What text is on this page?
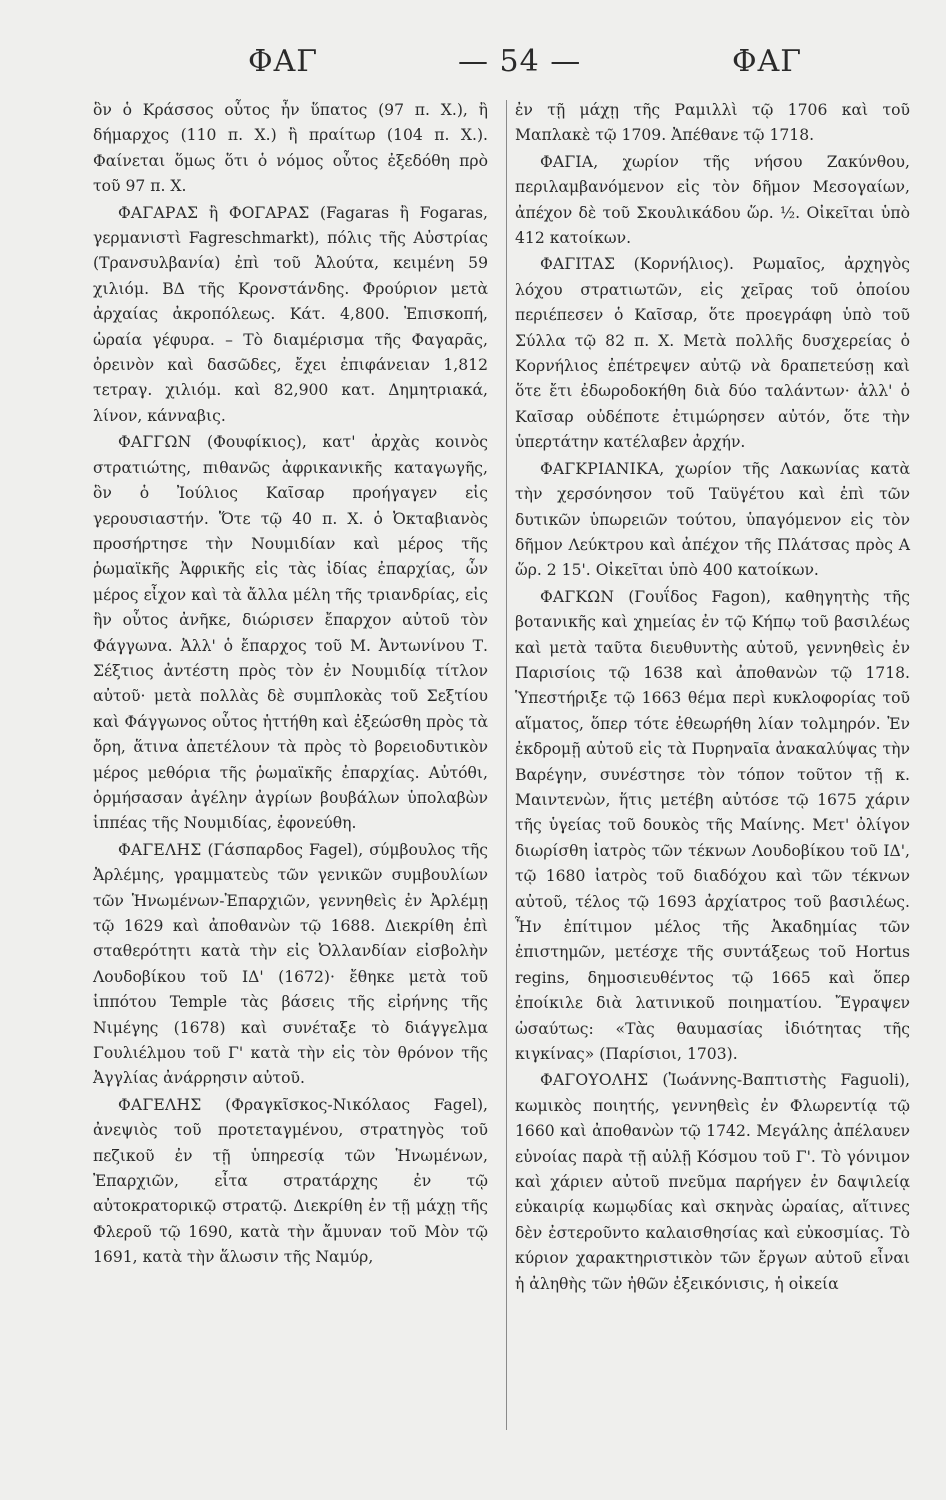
ΦΑΓ	— 54 —	ΦΑΓ

ὃν ὁ Κράσσος οὗτος ἦν ὕπατος (97 π. Χ.), ἢ δήμαρχος (110 π. Χ.) ἢ πραίτωρ (104 π. Χ.). Φαίνεται ὅμως ὅτι ὁ νόμος οὗτος ἐξεδόθη πρὸ τοῦ 97 π. Χ.

ΦΑΓΑΡΑΣ ἢ ΦΟΓΑΡΑΣ (Fagaras ἢ Fogaras, γερμανιστὶ Fagreschmarkt), πόλις τῆς Αὐστρίας (Τρανσυλβανία) ἐπὶ τοῦ Ἀλούτα, κειμένη 59 χιλιόμ. ΒΔ τῆς Κρονστάνδης. Φρούριον μετὰ ἀρχαίας ἀκροπόλεως. Κάτ. 4,800. Ἐπισκοπή, ὡραία γέφυρα. – Τὸ διαμέρισμα τῆς Φαγαρᾶς, ὀρεινὸν καὶ δασῶδες, ἔχει ἐπιφάνειαν 1,812 τετραγ. χιλιόμ. καὶ 82,900 κατ. Δημητριακά, λίνον, κάνναβις.

ΦΑΓΓΩΝ (Φουφίκιος), κατ' ἀρχὰς κοινὸς στρατιώτης, πιθανῶς ἀφρικανικῆς καταγωγῆς, ὃν ὁ Ἰούλιος Καῖσαρ προήγαγεν εἰς γερουσιαστήν. Ὅτε τῷ 40 π. Χ. ὁ Ὀκταβιανὸς προσήρτησε τὴν Νουμιδίαν καὶ μέρος τῆς ῥωμαϊκῆς Ἀφρικῆς εἰς τὰς ἰδίας ἐπαρχίας, ὧν μέρος εἶχον καὶ τὰ ἄλλα μέλη τῆς τριανδρίας, εἰς ἣν οὗτος ἀνῆκε, διώρισεν ἔπαρχον αὐτοῦ τὸν Φάγγωνα. Ἀλλ' ὁ ἔπαρχος τοῦ Μ. Ἀντωνίνου Τ. Σέξτιος ἀντέστη πρὸς τὸν ἐν Νουμιδίᾳ τίτλον αὐτοῦ· μετὰ πολλὰς δὲ συμπλοκὰς τοῦ Σεξτίου καὶ Φάγγωνος οὗτος ἡττήθη καὶ ἐξεώσθη πρὸς τὰ ὄρη, ἅτινα ἀπετέλουν τὰ πρὸς τὸ βορειοδυτικὸν μέρος μεθόρια τῆς ῥωμαϊκῆς ἐπαρχίας. Αὐτόθι, ὁρμήσασαν ἀγέλην ἀγρίων βουβάλων ὑπολαβὼν ἱππέας τῆς Νουμιδίας, ἐφονεύθη.

ΦΑΓΕΛΗΣ (Γάσπαρδος Fagel), σύμβουλος τῆς Ἀρλέμης, γραμματεὺς τῶν γενικῶν συμβουλίων τῶν Ἡνωμένων-Ἐπαρχιῶν, γεννηθεὶς ἐν Ἀρλέμῃ τῷ 1629 καὶ ἀποθανὼν τῷ 1688. Διεκρίθη ἐπὶ σταθερότητι κατὰ τὴν εἰς Ὀλλανδίαν εἰσβολὴν Λουδοβίκου τοῦ ΙΔ' (1672)· ἔθηκε μετὰ τοῦ ἱππότου Temple τὰς βάσεις τῆς εἰρήνης τῆς Νιμέγης (1678) καὶ συνέταξε τὸ διάγγελμα Γουλιέλμου τοῦ Γ' κατὰ τὴν εἰς τὸν θρόνον τῆς Ἀγγλίας ἀνάρρησιν αὐτοῦ.

ΦΑΓΕΛΗΣ (Φραγκῖσκος-Νικόλαος Fagel), ἀνεψιὸς τοῦ προτεταγμένου, στρατηγὸς τοῦ πεζικοῦ ἐν τῇ ὑπηρεσίᾳ τῶν Ἡνωμένων, Ἐπαρχιῶν, εἶτα στρατάρχης ἐν τῷ αὐτοκρατορικῷ στρατῷ. Διεκρίθη ἐν τῇ μάχῃ τῆς Φλεροῦ τῷ 1690, κατὰ τὴν ἄμυναν τοῦ Μὸν τῷ 1691, κατὰ τὴν ἅλωσιν τῆς Ναμύρ,

ἐν τῇ μάχῃ τῆς Ραμιλλὶ τῷ 1706 καὶ τοῦ Μαπλακὲ τῷ 1709. Ἀπέθανε τῷ 1718.

ΦΑΓΙΑ, χωρίον τῆς νήσου Ζακύνθου, περιλαμβανόμενον εἰς τὸν δῆμον Μεσογαίων, ἀπέχον δὲ τοῦ Σκουλικάδου ὥρ. ½. Οἰκεῖται ὑπὸ 412 κατοίκων.

ΦΑΓΙΤΑΣ (Κορνήλιος). Ρωμαῖος, ἀρχηγὸς λόχου στρατιωτῶν, εἰς χεῖρας τοῦ ὁποίου περιέπεσεν ὁ Καῖσαρ, ὅτε προεγράφη ὑπὸ τοῦ Σύλλα τῷ 82 π. Χ. Μετὰ πολλῆς δυσχερείας ὁ Κορνήλιος ἐπέτρεψεν αὐτῷ νὰ δραπετεύσῃ καὶ ὅτε ἔτι ἐδωροδοκήθη διὰ δύο ταλάντων· ἀλλ' ὁ Καῖσαρ οὐδέποτε ἐτιμώρησεν αὐτόν, ὅτε τὴν ὑπερτάτην κατέλαβεν ἀρχήν.

ΦΑΓΚΡΙΑΝΙΚΑ, χωρίον τῆς Λακωνίας κατὰ τὴν χερσόνησον τοῦ Ταϋγέτου καὶ ἐπὶ τῶν δυτικῶν ὑπωρειῶν τούτου, ὑπαγόμενον εἰς τὸν δῆμον Λεύκτρου καὶ ἀπέχον τῆς Πλάτσας πρὸς Α ὥρ. 2 15'. Οἰκεῖται ὑπὸ 400 κατοίκων.

ΦΑΓΚΩΝ (Γουΐδος Fagon), καθηγητὴς τῆς βοτανικῆς καὶ χημείας ἐν τῷ Κήπῳ τοῦ βασιλέως καὶ μετὰ ταῦτα διευθυντὴς αὐτοῦ, γεννηθεὶς ἐν Παρισίοις τῷ 1638 καὶ ἀποθανὼν τῷ 1718. Ὑπεστήριξε τῷ 1663 θέμα περὶ κυκλοφορίας τοῦ αἵματος, ὅπερ τότε ἐθεωρήθη λίαν τολμηρόν. Ἐν ἐκδρομῇ αὐτοῦ εἰς τὰ Πυρηναῖα ἀνακαλύψας τὴν Βαρέγην, συνέστησε τὸν τόπον τοῦτον τῇ κ. Μαιντενὼν, ἥτις μετέβη αὐτόσε τῷ 1675 χάριν τῆς ὑγείας τοῦ δουκὸς τῆς Μαίνης. Μετ' ὀλίγον διωρίσθη ἰατρὸς τῶν τέκνων Λουδοβίκου τοῦ ΙΔ', τῷ 1680 ἰατρὸς τοῦ διαδόχου καὶ τῶν τέκνων αὐτοῦ, τέλος τῷ 1693 ἀρχίατρος τοῦ βασιλέως. Ἦν ἐπίτιμον μέλος τῆς Ἀκαδημίας τῶν ἐπιστημῶν, μετέσχε τῆς συντάξεως τοῦ Hortus regins, δημοσιευθέντος τῷ 1665 καὶ ὅπερ ἐποίκιλε διὰ λατινικοῦ ποιηματίου. Ἔγραψεν ὡσαύτως: «Τὰς θαυμασίας ἰδιότητας τῆς κιγκίνας» (Παρίσιοι, 1703).

ΦΑΓΟΥΟΛΗΣ (Ἰωάννης-Βαπτιστὴς Faguoli), κωμικὸς ποιητής, γεννηθεὶς ἐν Φλωρεντίᾳ τῷ 1660 καὶ ἀποθανὼν τῷ 1742. Μεγάλης ἀπέλαυεν εὐνοίας παρὰ τῇ αὐλῇ Κόσμου τοῦ Γ'. Τὸ γόνιμον καὶ χάριεν αὐτοῦ πνεῦμα παρήγεν ἐν δαψιλείᾳ εὐκαιρίᾳ κωμῳδίας καὶ σκηνὰς ὡραίας, αἵτινες δὲν ἐστεροῦντο καλαισθησίας καὶ εὐκοσμίας. Τὸ κύριον χαρακτηριστικὸν τῶν ἔργων αὐτοῦ εἶναι ἡ ἀληθὴς τῶν ἠθῶν ἐξεικόνισις, ἡ οἰκεία
